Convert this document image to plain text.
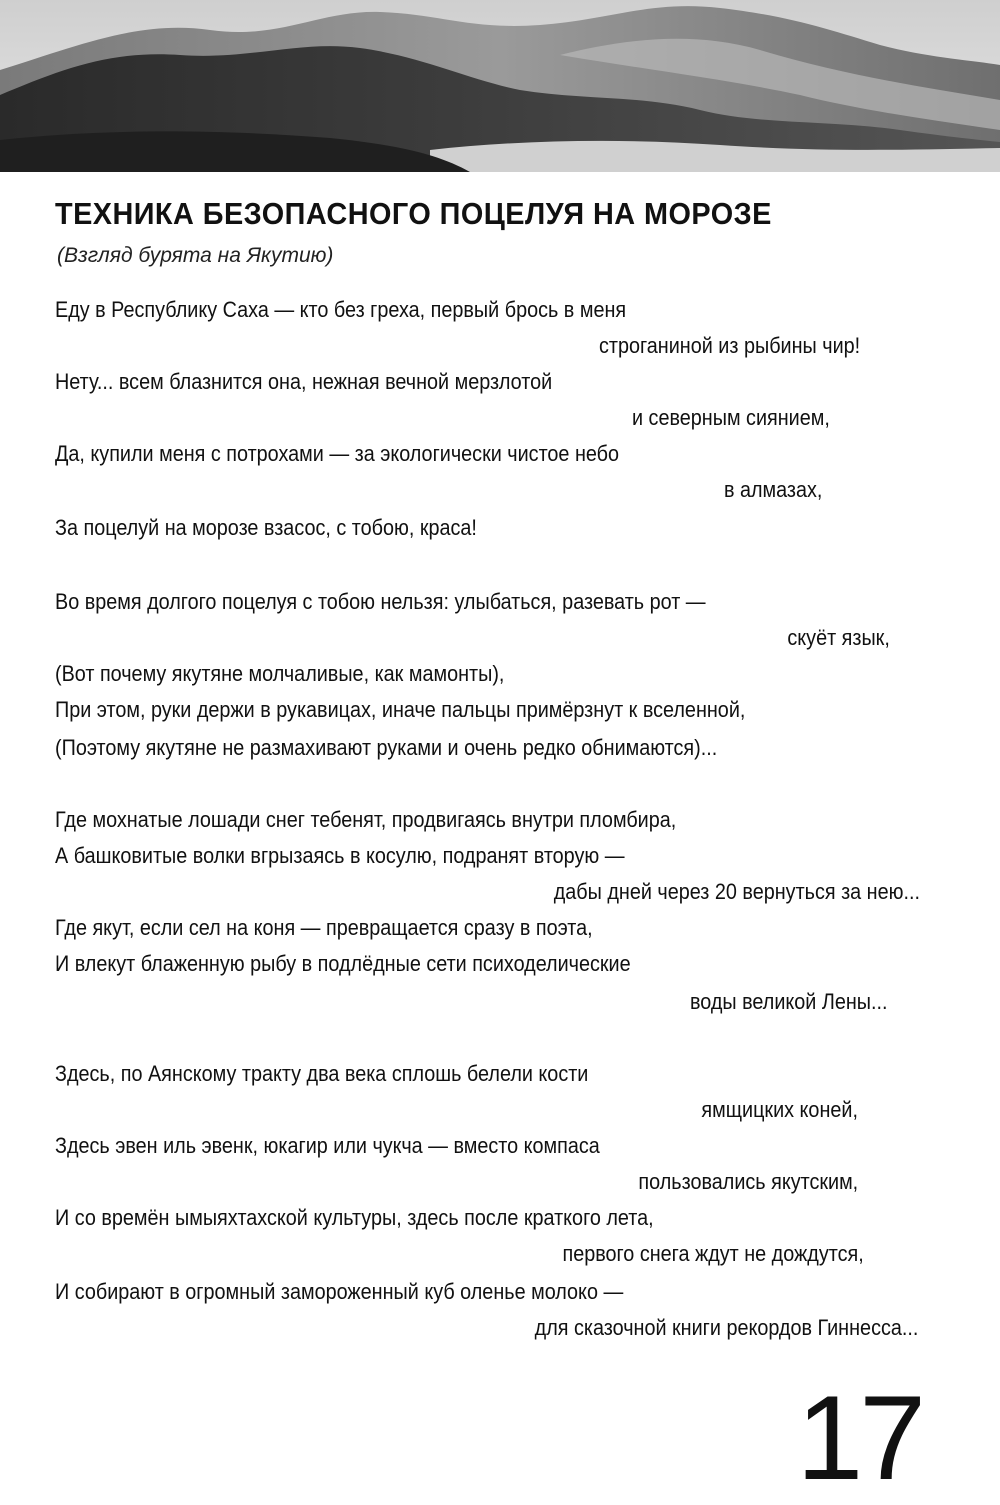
ТЕХНИКА БЕЗОПАСНОГО ПОЦЕЛУЯ НА МОРОЗЕ
(Взгляд бурята на Якутию)
Еду в Республику Саха — кто без греха, первый брось в меня
строганиной из рыбины чир!
Нету... всем блазнится она, нежная вечной мерзлотой
и северным сиянием,
Да, купили меня с потрохами — за экологически чистое небо
в алмазах,
За поцелуй на морозе взасос, с тобою, краса!
Во время долгого поцелуя с тобою нельзя: улыбаться, разевать рот —
скуёт язык,
(Вот почему якутяне молчаливые, как мамонты),
При этом, руки держи в рукавицах, иначе пальцы примёрзнут к вселенной,
(Поэтому якутяне не размахивают руками и очень редко обнимаются)...
Где мохнатые лошади снег тебенят, продвигаясь внутри пломбира,
А башковитые волки вгрызаясь в косулю, подранят вторую —
дабы дней через 20 вернуться за нею...
Где якут, если сел на коня — превращается сразу в поэта,
И влекут блаженную рыбу в подлёдные сети психоделические
воды великой Лены...
Здесь, по Аянскому тракту два века сплошь белели кости
ямщицких коней,
Здесь эвен иль эвенк, юкагир или чукча — вместо компаса
пользовались якутским,
И со времён ымыяхтахской культуры, здесь после краткого лета,
первого снега ждут не дождутся,
И собирают в огромный замороженный куб оленье молоко —
для сказочной книги рекордов Гиннесса...
17
